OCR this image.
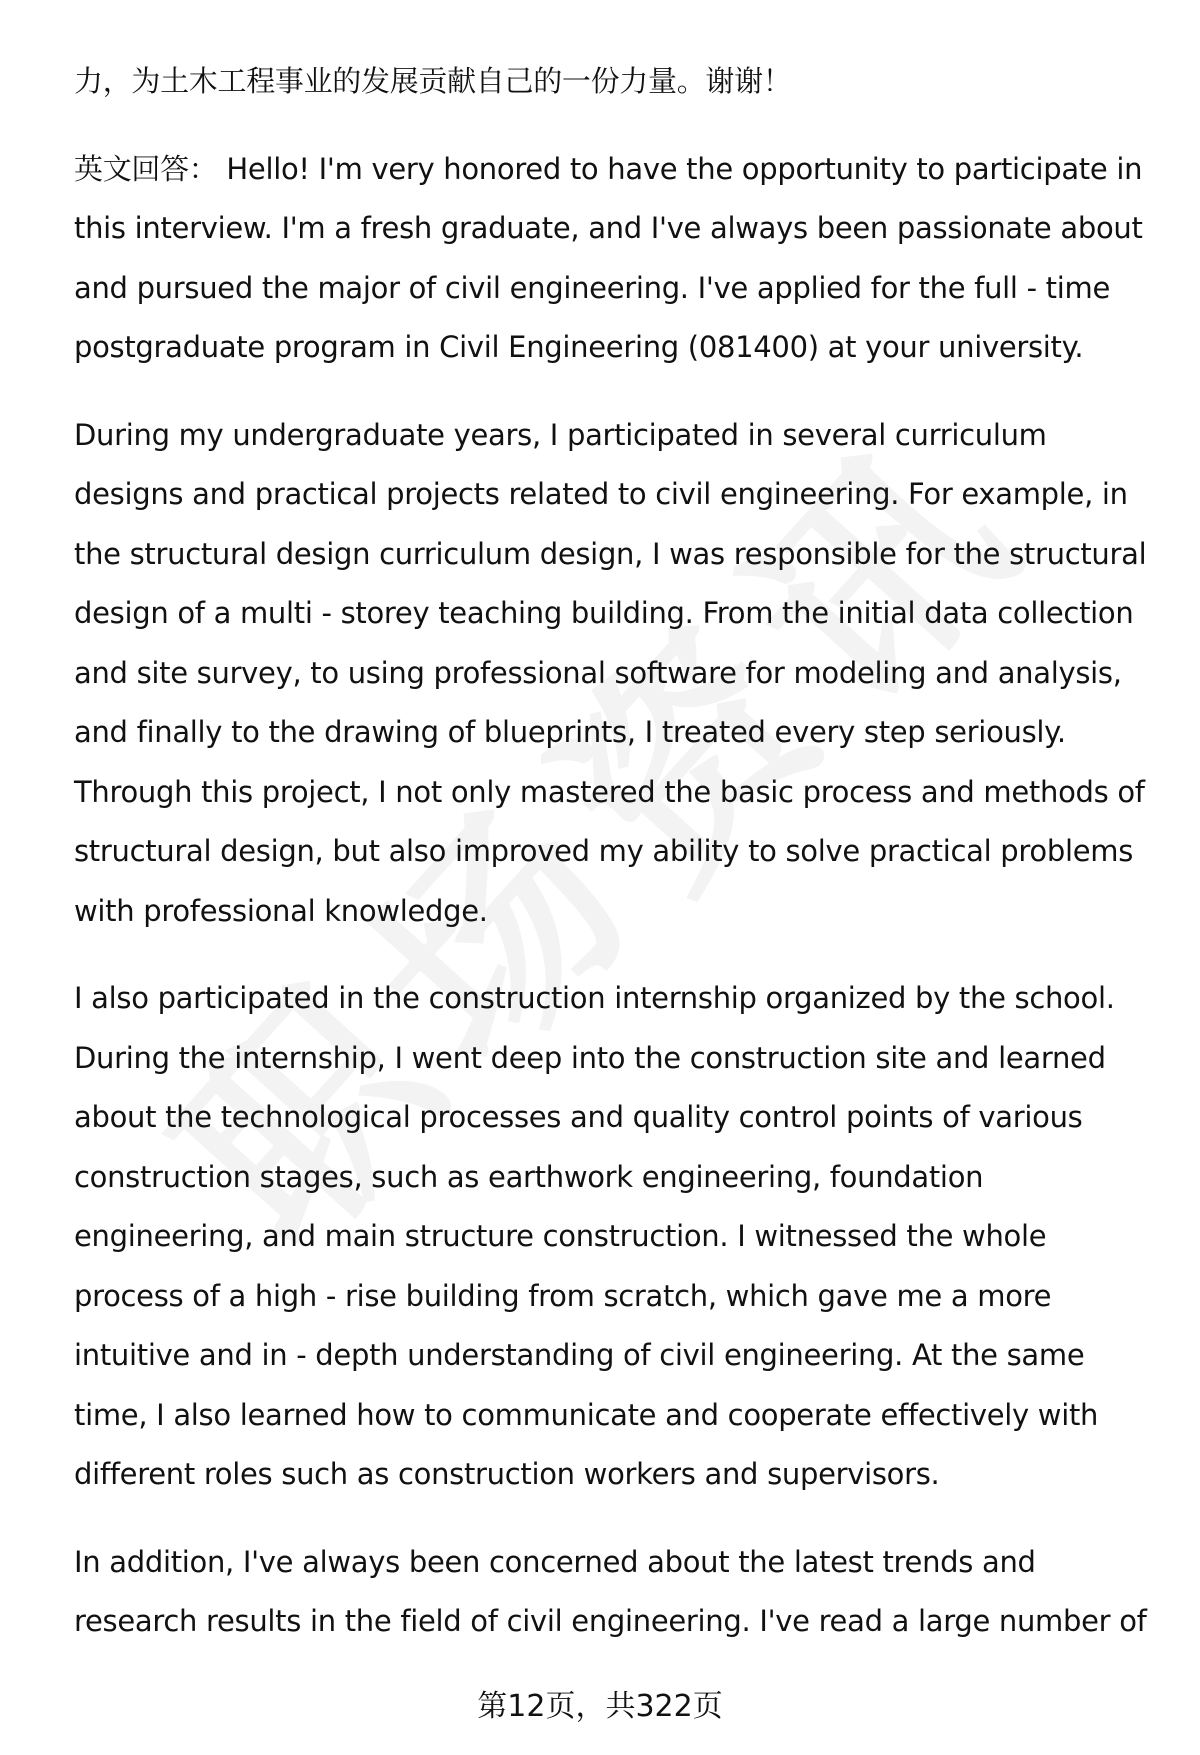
力，为土木工程事业的发展贡献自己的一份力量。谢谢！

英文回答： Hello! I'm very honored to have the opportunity to participate in this interview. I'm a fresh graduate, and I've always been passionate about and pursued the major of civil engineering. I've applied for the full - time postgraduate program in Civil Engineering (081400) at your university.

During my undergraduate years, I participated in several curriculum designs and practical projects related to civil engineering. For example, in the structural design curriculum design, I was responsible for the structural design of a multi - storey teaching building. From the initial data collection and site survey, to using professional software for modeling and analysis, and finally to the drawing of blueprints, I treated every step seriously. Through this project, I not only mastered the basic process and methods of structural design, but also improved my ability to solve practical problems with professional knowledge.

I also participated in the construction internship organized by the school. During the internship, I went deep into the construction site and learned about the technological processes and quality control points of various construction stages, such as earthwork engineering, foundation engineering, and main structure construction. I witnessed the whole process of a high - rise building from scratch, which gave me a more intuitive and in - depth understanding of civil engineering. At the same time, I also learned how to communicate and cooperate effectively with different roles such as construction workers and supervisors.

In addition, I've always been concerned about the latest trends and research results in the field of civil engineering. I've read a large number of

第12页，共322页
